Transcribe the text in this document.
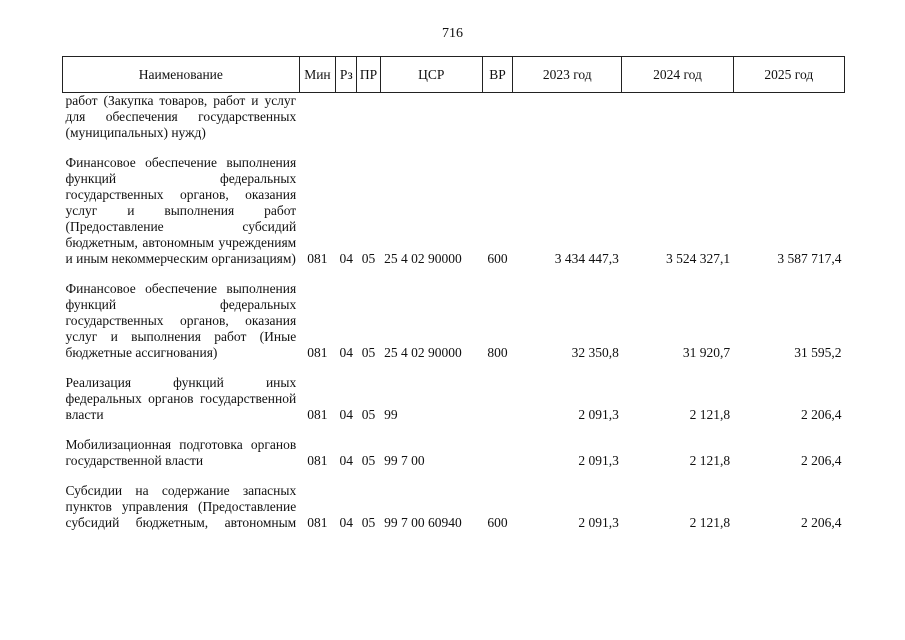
716
Наименование	Мин	Рз	ПР	ЦСР	ВР	2023 год	2024 год	2025 год

работ (Закупка товаров, работ и услуг для обеспечения государственных (муниципальных) нужд)								

Финансовое обеспечение выполнения функций федеральных государственных органов, оказания услуг и выполнения работ (Предоставление субсидий бюджетным, автономным учреждениям и иным некоммерческим организациям)	081	04	05	25 4 02 90000	600	3 434 447,3	3 524 327,1	3 587 717,4

Финансовое обеспечение выполнения функций федеральных государственных органов, оказания услуг и выполнения работ (Иные бюджетные ассигнования)	081	04	05	25 4 02 90000	800	32 350,8	31 920,7	31 595,2

Реализация функций иных федеральных органов государственной власти	081	04	05	99		2 091,3	2 121,8	2 206,4

Мобилизационная подготовка органов государственной власти	081	04	05	99 7 00		2 091,3	2 121,8	2 206,4

Субсидии на содержание запасных пунктов управления (Предоставление субсидий бюджетным, автономным	081	04	05	99 7 00 60940	600	2 091,3	2 121,8	2 206,4
